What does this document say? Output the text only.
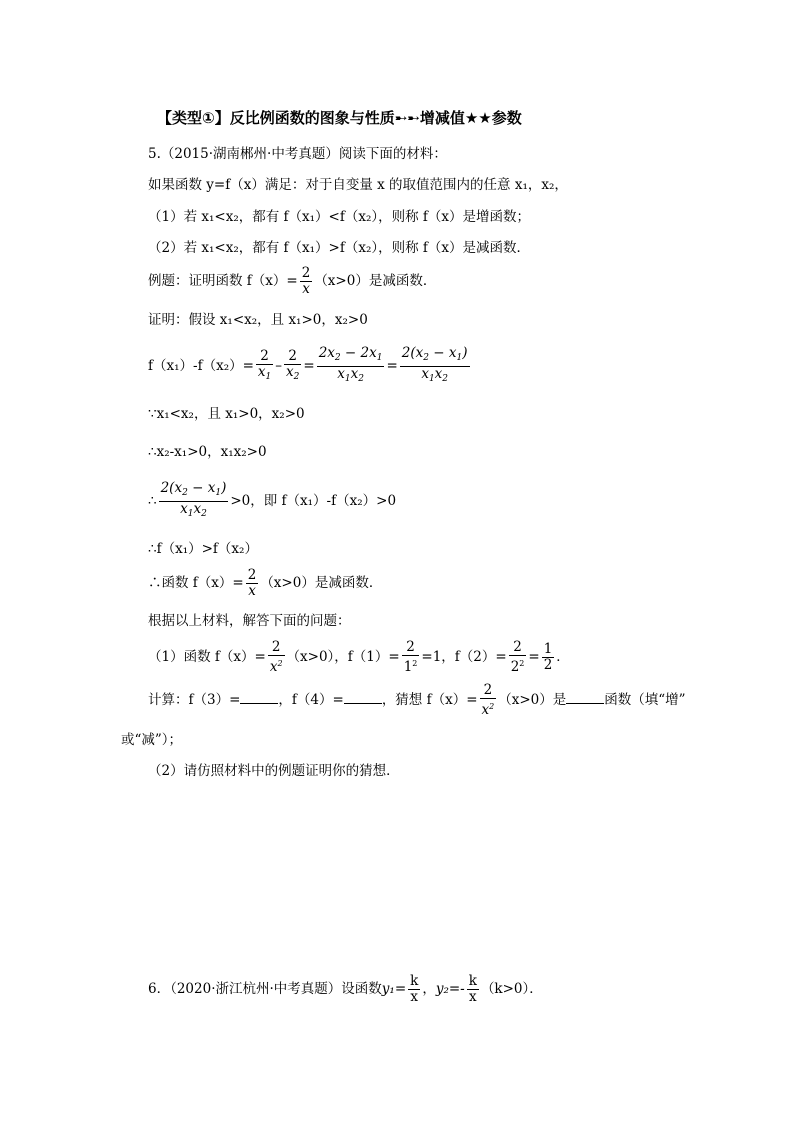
【类型①】反比例函数的图象与性质➸➸增减值★★参数
5.（2015·湖南郴州·中考真题）阅读下面的材料：
如果函数 y=f（x）满足：对于自变量 x 的取值范围内的任意 x₁，x₂，
（1）若 x₁<x₂，都有 f（x₁）<f（x₂），则称 f（x）是增函数；
（2）若 x₁<x₂，都有 f（x₁）>f（x₂），则称 f（x）是减函数．
例题：证明函数 $f(x)= \frac{2}{x} (x>0)$是减函数．
证明：假设 x₁<x₂，且 x₁>0，x₂>0
$f(x_1)-f(x_2)= \frac{2}{x_1} - \frac{2}{x_2} = \frac{2x_2 - 2x_1}{x_1x_2} = \frac{2(x_2 - x_1)}{x_1x_2}$
∵x₁<x₂，且 x₁>0，x₂>0
∴x₂-x₁>0，x₁x₂>0
∴ $\frac{2(x_2 - x_1)}{x_1x_2} >0$，即 f（x₁）-f（x₂）>0
∴f（x₁）>f（x₂）
∴函数 $f(x)= \frac{2}{x} (x>0)$是减函数．
根据以上材料，解答下面的问题：
（1）函数 $f(x)= \frac{2}{x^2} (x>0)$，$f(1)= \frac{2}{1^2} =1$，$f(2)= \frac{2}{2^2} = \frac{1}{2}$ ．
计算：f（3）=	，f（4）=	，猜想 $f(x)= \frac{2}{x^2} (x>0)$是	函数（填“增”
或“减”）；
（2）请仿照材料中的例题证明你的猜想．
6．（2020·浙江杭州·中考真题）设函数$y_1= \frac{k}{x}$ ，$y_2=- \frac{k}{x} (k>0)$．
